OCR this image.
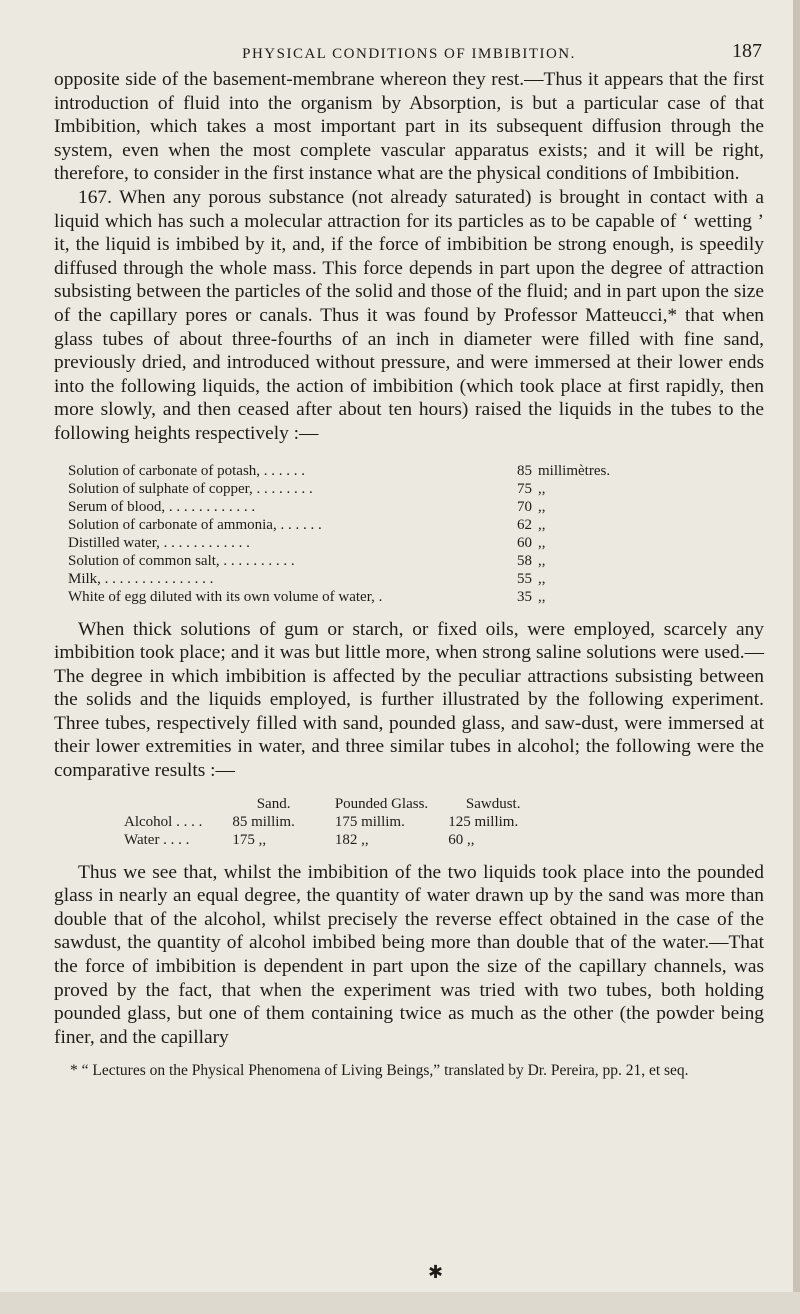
PHYSICAL CONDITIONS OF IMBIBITION.	187

opposite side of the basement-membrane whereon they rest.—Thus it appears that the first introduction of fluid into the organism by Absorption, is but a particular case of that Imbibition, which takes a most important part in its subsequent diffusion through the system, even when the most complete vascular apparatus exists; and it will be right, therefore, to consider in the first instance what are the physical conditions of Imbibition.

167. When any porous substance (not already saturated) is brought in contact with a liquid which has such a molecular attraction for its particles as to be capable of ‘ wetting ’ it, the liquid is imbibed by it, and, if the force of imbibition be strong enough, is speedily diffused through the whole mass. This force depends in part upon the degree of attraction subsisting between the particles of the solid and those of the fluid; and in part upon the size of the capillary pores or canals. Thus it was found by Professor Matteucci,* that when glass tubes of about three-fourths of an inch in diameter were filled with fine sand, previously dried, and introduced without pressure, and were immersed at their lower ends into the following liquids, the action of imbibition (which took place at first rapidly, then more slowly, and then ceased after about ten hours) raised the liquids in the tubes to the following heights respectively :—

Solution of carbonate of potash, . . . . . .	85	millimètres.
Solution of sulphate of copper, . . . . . . . .	75	,,
Serum of blood, . . . . . . . . . . . .	70	,,
Solution of carbonate of ammonia, . . . . . .	62	,,
Distilled water, . . . . . . . . . . . .	60	,,
Solution of common salt, . . . . . . . . . .	58	,,
Milk, . . . . . . . . . . . . . . .	55	,,
White of egg diluted with its own volume of water, .	35	,,

When thick solutions of gum or starch, or fixed oils, were employed, scarcely any imbibition took place; and it was but little more, when strong saline solutions were used.—The degree in which imbibition is affected by the peculiar attractions subsisting between the solids and the liquids employed, is further illustrated by the following experiment. Three tubes, respectively filled with sand, pounded glass, and saw-dust, were immersed at their lower extremities in water, and three similar tubes in alcohol; the following were the comparative results :—

	Sand.	Pounded Glass.	Sawdust.
Alcohol . . . .	85 millim.	175 millim.	125 millim.
Water . . . .	175 ,,	182 ,,	60 ,,

Thus we see that, whilst the imbibition of the two liquids took place into the pounded glass in nearly an equal degree, the quantity of water drawn up by the sand was more than double that of the alcohol, whilst precisely the reverse effect obtained in the case of the sawdust, the quantity of alcohol imbibed being more than double that of the water.—That the force of imbibition is dependent in part upon the size of the capillary channels, was proved by the fact, that when the experiment was tried with two tubes, both holding pounded glass, but one of them containing twice as much as the other (the powder being finer, and the capillary

* “ Lectures on the Physical Phenomena of Living Beings,” translated by Dr. Pereira, pp. 21, et seq.
✱
